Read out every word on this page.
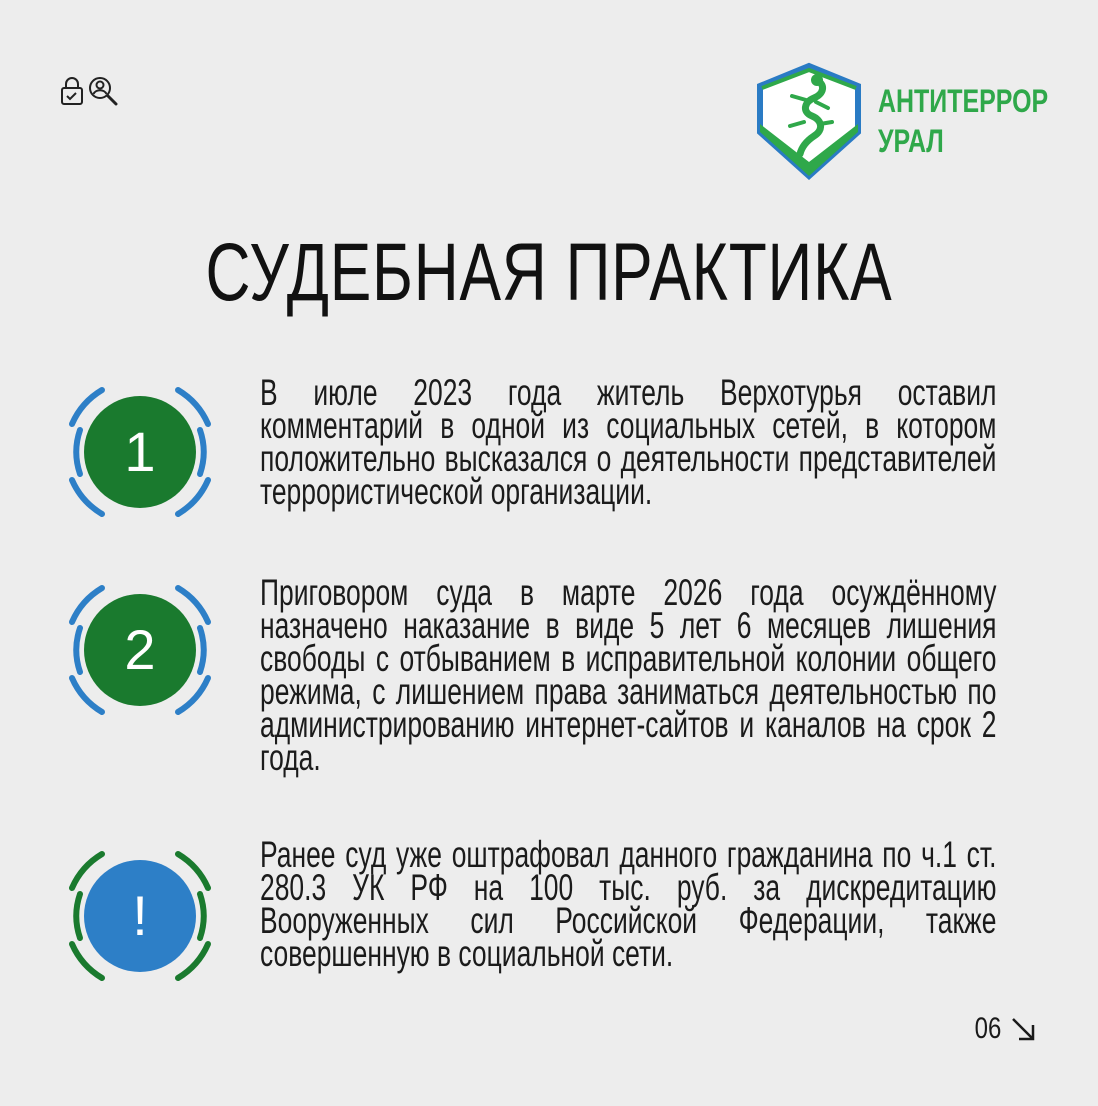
АНТИТЕРРОР
УРАЛ
СУДЕБНАЯ ПРАКТИКА
1
В июле 2023 года житель Верхотурья оставил комментарий в одной из социальных сетей, в котором положительно высказался о деятельности представителей террористической организации.
2
Приговором суда в марте 2026 года осуждённому назначено наказание в виде 5 лет 6 месяцев лишения свободы с отбыванием в исправительной колонии общего режима, с лишением права заниматься деятельностью по администрированию интернет-сайтов и каналов на срок 2 года.
!
Ранее суд уже оштрафовал данного гражданина по ч.1 ст. 280.3 УК РФ на 100 тыс. руб. за дискредитацию Вооруженных сил Российской Федерации, также совершенную в социальной сети.
06
